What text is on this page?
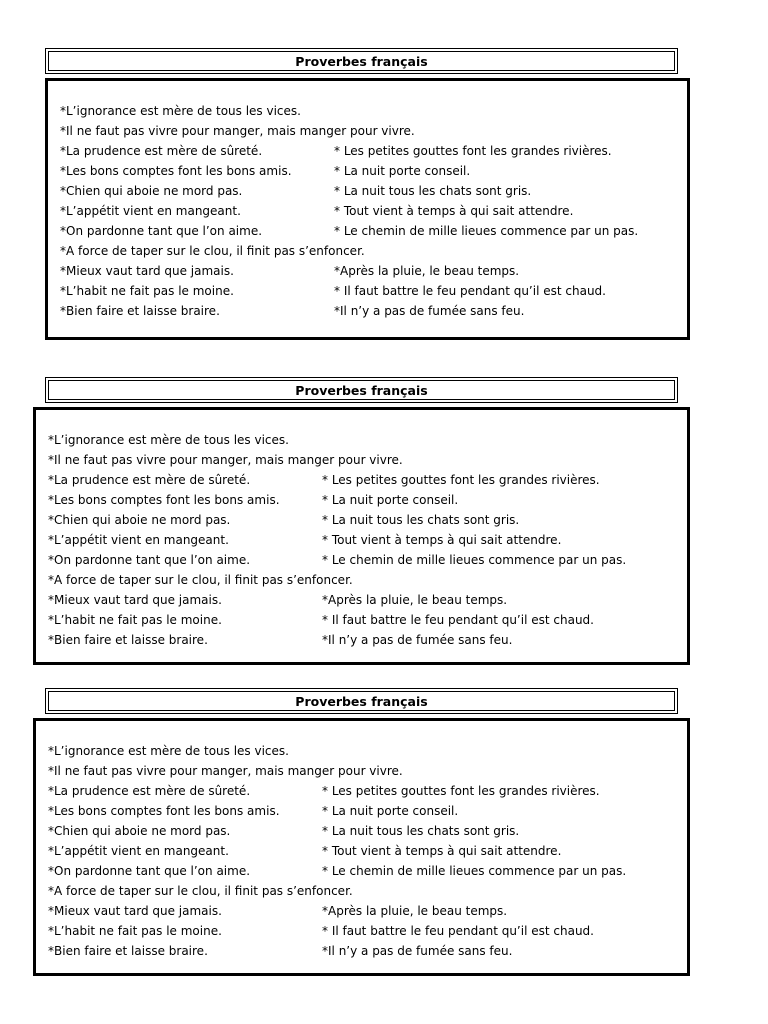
Proverbes français
*L’ignorance est mère de tous les vices.
*Il ne faut pas vivre pour manger, mais manger pour vivre.
*La prudence est mère de sûreté.	* Les petites gouttes font les grandes rivières.
*Les bons comptes font les bons amis.	* La nuit porte conseil.
*Chien qui aboie ne mord pas.	* La nuit tous les chats sont gris.
*L’appétit vient en mangeant.	* Tout vient à temps à qui sait attendre.
*On pardonne tant que l’on aime.	* Le chemin de mille lieues commence par un pas.
*A force de taper sur le clou, il finit pas s’enfoncer.
*Mieux vaut tard que jamais.	*Après la pluie, le beau temps.
*L’habit ne fait pas le moine.	* Il faut battre le feu pendant qu’il est chaud.
*Bien faire et laisse braire.	*Il n’y a pas de fumée sans feu.
Proverbes français
*L’ignorance est mère de tous les vices.
*Il ne faut pas vivre pour manger, mais manger pour vivre.
*La prudence est mère de sûreté.	* Les petites gouttes font les grandes rivières.
*Les bons comptes font les bons amis.	* La nuit porte conseil.
*Chien qui aboie ne mord pas.	* La nuit tous les chats sont gris.
*L’appétit vient en mangeant.	* Tout vient à temps à qui sait attendre.
*On pardonne tant que l’on aime.	* Le chemin de mille lieues commence par un pas.
*A force de taper sur le clou, il finit pas s’enfoncer.
*Mieux vaut tard que jamais.	*Après la pluie, le beau temps.
*L’habit ne fait pas le moine.	* Il faut battre le feu pendant qu’il est chaud.
*Bien faire et laisse braire.	*Il n’y a pas de fumée sans feu.
Proverbes français
*L’ignorance est mère de tous les vices.
*Il ne faut pas vivre pour manger, mais manger pour vivre.
*La prudence est mère de sûreté.	* Les petites gouttes font les grandes rivières.
*Les bons comptes font les bons amis.	* La nuit porte conseil.
*Chien qui aboie ne mord pas.	* La nuit tous les chats sont gris.
*L’appétit vient en mangeant.	* Tout vient à temps à qui sait attendre.
*On pardonne tant que l’on aime.	* Le chemin de mille lieues commence par un pas.
*A force de taper sur le clou, il finit pas s’enfoncer.
*Mieux vaut tard que jamais.	*Après la pluie, le beau temps.
*L’habit ne fait pas le moine.	* Il faut battre le feu pendant qu’il est chaud.
*Bien faire et laisse braire.	*Il n’y a pas de fumée sans feu.
